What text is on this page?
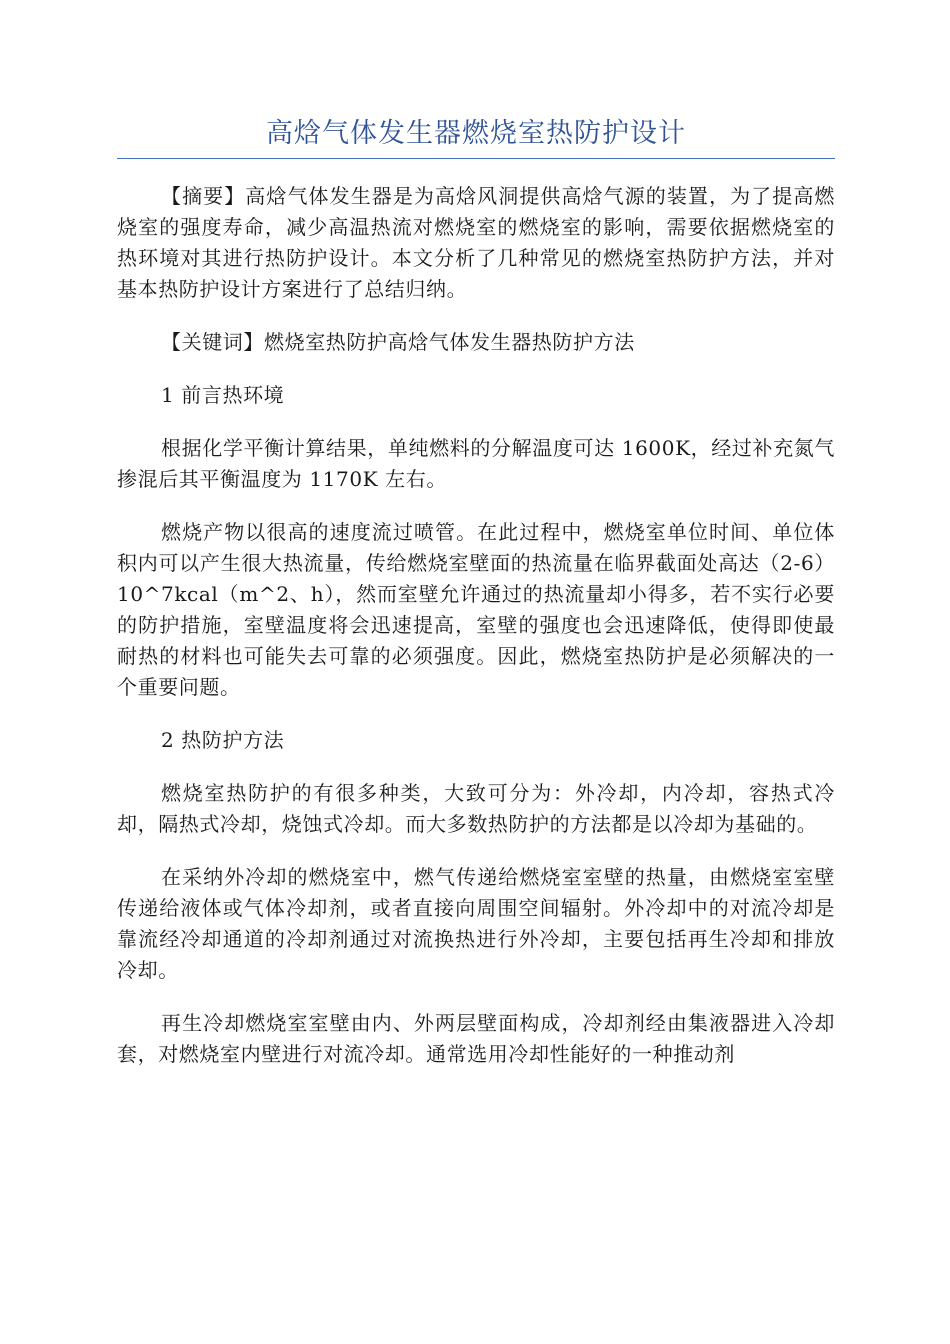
高焓气体发生器燃烧室热防护设计

【摘要】高焓气体发生器是为高焓风洞提供高焓气源的装置，为了提高燃烧室的强度寿命，减少高温热流对燃烧室的燃烧室的影响，需要依据燃烧室的热环境对其进行热防护设计。本文分析了几种常见的燃烧室热防护方法，并对基本热防护设计方案进行了总结归纳。

【关键词】燃烧室热防护高焓气体发生器热防护方法

1 前言热环境

根据化学平衡计算结果，单纯燃料的分解温度可达 1600K，经过补充氮气掺混后其平衡温度为 1170K 左右。

燃烧产物以很高的速度流过喷管。在此过程中，燃烧室单位时间、单位体积内可以产生很大热流量，传给燃烧室壁面的热流量在临界截面处高达（2-6）10^7kcal（m^2、h），然而室壁允许通过的热流量却小得多，若不实行必要的防护措施，室壁温度将会迅速提高，室壁的强度也会迅速降低，使得即使最耐热的材料也可能失去可靠的必须强度。因此，燃烧室热防护是必须解决的一个重要问题。

2 热防护方法

燃烧室热防护的有很多种类，大致可分为：外冷却，内冷却，容热式冷却，隔热式冷却，烧蚀式冷却。而大多数热防护的方法都是以冷却为基础的。

在采纳外冷却的燃烧室中，燃气传递给燃烧室室壁的热量，由燃烧室室壁传递给液体或气体冷却剂，或者直接向周围空间辐射。外冷却中的对流冷却是靠流经冷却通道的冷却剂通过对流换热进行外冷却，主要包括再生冷却和排放冷却。

再生冷却燃烧室室壁由内、外两层壁面构成，冷却剂经由集液器进入冷却套，对燃烧室内壁进行对流冷却。通常选用冷却性能好的一种推动剂
